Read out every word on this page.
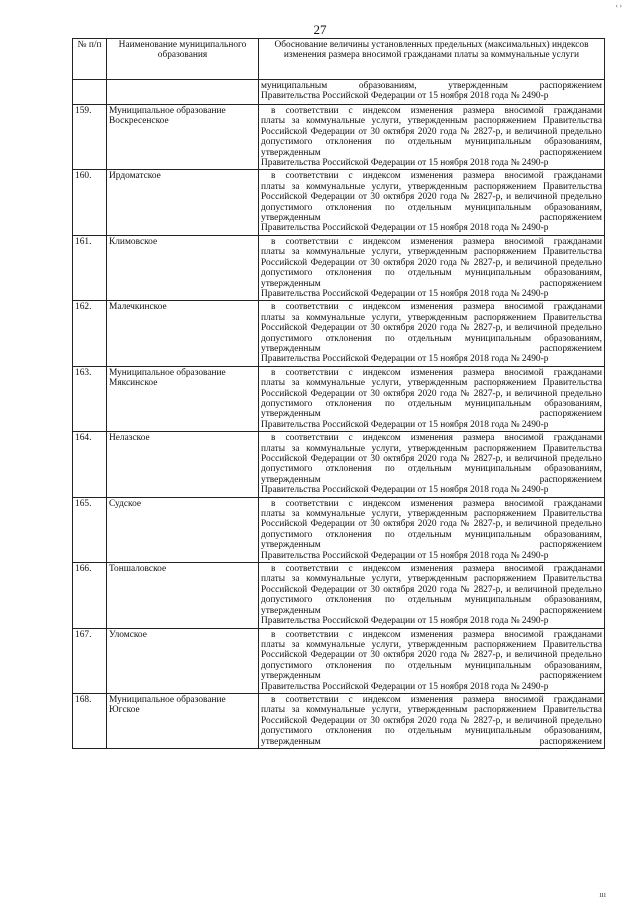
‹ ›
27
№ п/п	Наименование муниципального образования	Обоснование величины установленных предельных (максимальных) индексов изменения размера вносимой гражданами платы за коммунальные услуги
		муниципальным образованиям, утвержденным распоряжением
Правительства Российской Федерации от 15 ноября 2018 года № 2490-р

159.	Муниципальное образование Воскресенское	в соответствии с индексом изменения размера вносимой гражданами
платы за коммунальные услуги, утвержденным распоряжением Правительства Российской Федерации от 30 октября 2020 года № 2827-р, и величиной предельно допустимого отклонения по отдельным муниципальным образованиям, утвержденным распоряжением
Правительства Российской Федерации от 15 ноября 2018 года № 2490-р

160.	Ирдоматское	в соответствии с индексом изменения размера вносимой гражданами
платы за коммунальные услуги, утвержденным распоряжением Правительства Российской Федерации от 30 октября 2020 года № 2827-р, и величиной предельно допустимого отклонения по отдельным муниципальным образованиям, утвержденным распоряжением
Правительства Российской Федерации от 15 ноября 2018 года № 2490-р

161.	Климовское	в соответствии с индексом изменения размера вносимой гражданами
платы за коммунальные услуги, утвержденным распоряжением Правительства Российской Федерации от 30 октября 2020 года № 2827-р, и величиной предельно допустимого отклонения по отдельным муниципальным образованиям, утвержденным распоряжением
Правительства Российской Федерации от 15 ноября 2018 года № 2490-р

162.	Малечкинское	в соответствии с индексом изменения размера вносимой гражданами
платы за коммунальные услуги, утвержденным распоряжением Правительства Российской Федерации от 30 октября 2020 года № 2827-р, и величиной предельно допустимого отклонения по отдельным муниципальным образованиям, утвержденным распоряжением
Правительства Российской Федерации от 15 ноября 2018 года № 2490-р

163.	Муниципальное образование Мяксинское	в соответствии с индексом изменения размера вносимой гражданами
платы за коммунальные услуги, утвержденным распоряжением Правительства Российской Федерации от 30 октября 2020 года № 2827-р, и величиной предельно допустимого отклонения по отдельным муниципальным образованиям, утвержденным распоряжением
Правительства Российской Федерации от 15 ноября 2018 года № 2490-р

164.	Нелазское	в соответствии с индексом изменения размера вносимой гражданами
платы за коммунальные услуги, утвержденным распоряжением Правительства Российской Федерации от 30 октября 2020 года № 2827-р, и величиной предельно допустимого отклонения по отдельным муниципальным образованиям, утвержденным распоряжением
Правительства Российской Федерации от 15 ноября 2018 года № 2490-р

165.	Судское	в соответствии с индексом изменения размера вносимой гражданами
платы за коммунальные услуги, утвержденным распоряжением Правительства Российской Федерации от 30 октября 2020 года № 2827-р, и величиной предельно допустимого отклонения по отдельным муниципальным образованиям, утвержденным распоряжением
Правительства Российской Федерации от 15 ноября 2018 года № 2490-р

166.	Тоншаловское	в соответствии с индексом изменения размера вносимой гражданами
платы за коммунальные услуги, утвержденным распоряжением Правительства Российской Федерации от 30 октября 2020 года № 2827-р, и величиной предельно допустимого отклонения по отдельным муниципальным образованиям, утвержденным распоряжением
Правительства Российской Федерации от 15 ноября 2018 года № 2490-р

167.	Уломское	в соответствии с индексом изменения размера вносимой гражданами
платы за коммунальные услуги, утвержденным распоряжением Правительства Российской Федерации от 30 октября 2020 года № 2827-р, и величиной предельно допустимого отклонения по отдельным муниципальным образованиям, утвержденным распоряжением
Правительства Российской Федерации от 15 ноября 2018 года № 2490-р

168.	Муниципальное образование Югское	в соответствии с индексом изменения размера вносимой гражданами
платы за коммунальные услуги, утвержденным распоряжением Правительства Российской Федерации от 30 октября 2020 года № 2827-р, и величиной предельно допустимого отклонения по отдельным муниципальным образованиям, утвержденным распоряжением
ııı
